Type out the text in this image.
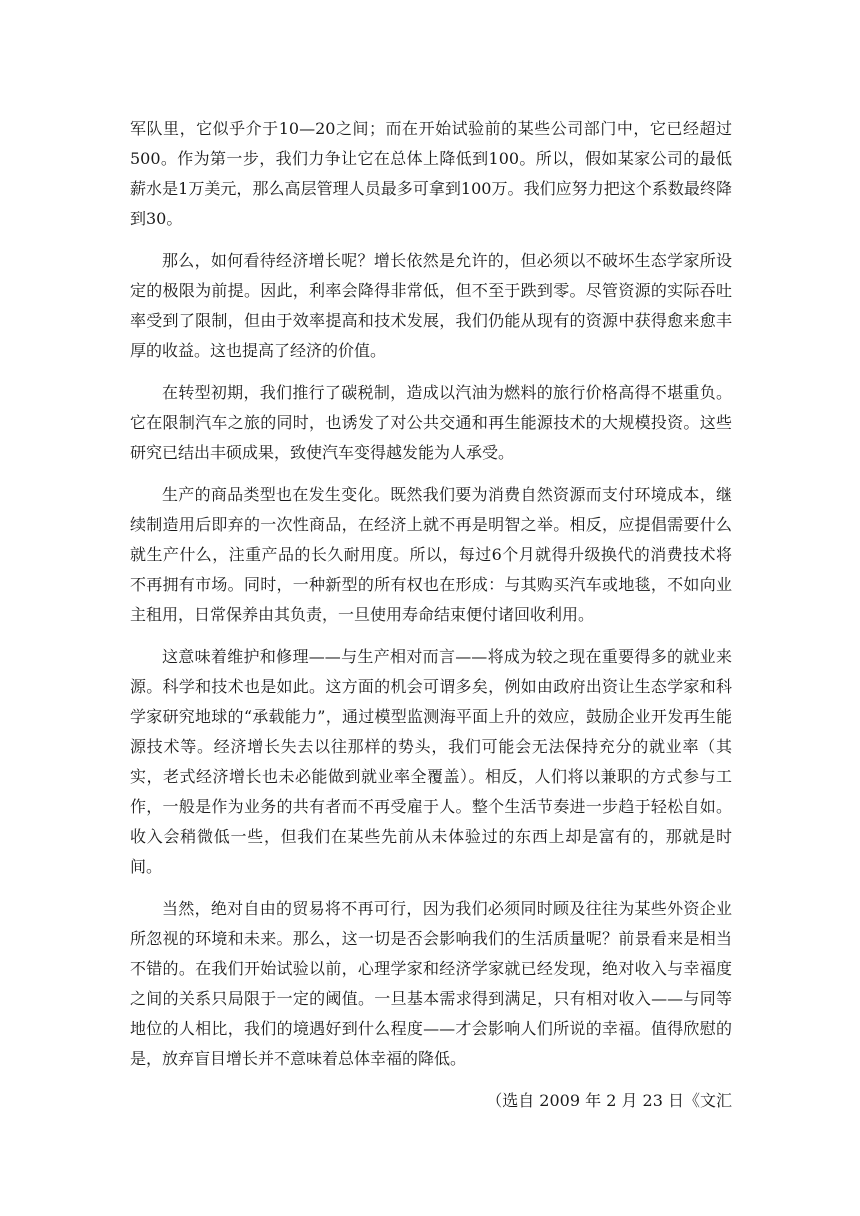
军队里，它似乎介于10—20之间；而在开始试验前的某些公司部门中，它已经超过500。作为第一步，我们力争让它在总体上降低到100。所以，假如某家公司的最低薪水是1万美元，那么高层管理人员最多可拿到100万。我们应努力把这个系数最终降到30。

那么，如何看待经济增长呢？增长依然是允许的，但必须以不破坏生态学家所设定的极限为前提。因此，利率会降得非常低，但不至于跌到零。尽管资源的实际吞吐率受到了限制，但由于效率提高和技术发展，我们仍能从现有的资源中获得愈来愈丰厚的收益。这也提高了经济的价值。

在转型初期，我们推行了碳税制，造成以汽油为燃料的旅行价格高得不堪重负。它在限制汽车之旅的同时，也诱发了对公共交通和再生能源技术的大规模投资。这些研究已结出丰硕成果，致使汽车变得越发能为人承受。

生产的商品类型也在发生变化。既然我们要为消费自然资源而支付环境成本，继续制造用后即弃的一次性商品，在经济上就不再是明智之举。相反，应提倡需要什么就生产什么，注重产品的长久耐用度。所以，每过6个月就得升级换代的消费技术将不再拥有市场。同时，一种新型的所有权也在形成：与其购买汽车或地毯，不如向业主租用，日常保养由其负责，一旦使用寿命结束便付诸回收利用。

这意味着维护和修理——与生产相对而言——将成为较之现在重要得多的就业来源。科学和技术也是如此。这方面的机会可谓多矣，例如由政府出资让生态学家和科学家研究地球的“承载能力”，通过模型监测海平面上升的效应，鼓励企业开发再生能源技术等。经济增长失去以往那样的势头，我们可能会无法保持充分的就业率（其实，老式经济增长也未必能做到就业率全覆盖）。相反，人们将以兼职的方式参与工作，一般是作为业务的共有者而不再受雇于人。整个生活节奏进一步趋于轻松自如。收入会稍微低一些，但我们在某些先前从未体验过的东西上却是富有的，那就是时间。

当然，绝对自由的贸易将不再可行，因为我们必须同时顾及往往为某些外资企业所忽视的环境和未来。那么，这一切是否会影响我们的生活质量呢？前景看来是相当不错的。在我们开始试验以前，心理学家和经济学家就已经发现，绝对收入与幸福度之间的关系只局限于一定的阈值。一旦基本需求得到满足，只有相对收入——与同等地位的人相比，我们的境遇好到什么程度——才会影响人们所说的幸福。值得欣慰的是，放弃盲目增长并不意味着总体幸福的降低。

（选自 2009 年 2 月 23 日《文汇
